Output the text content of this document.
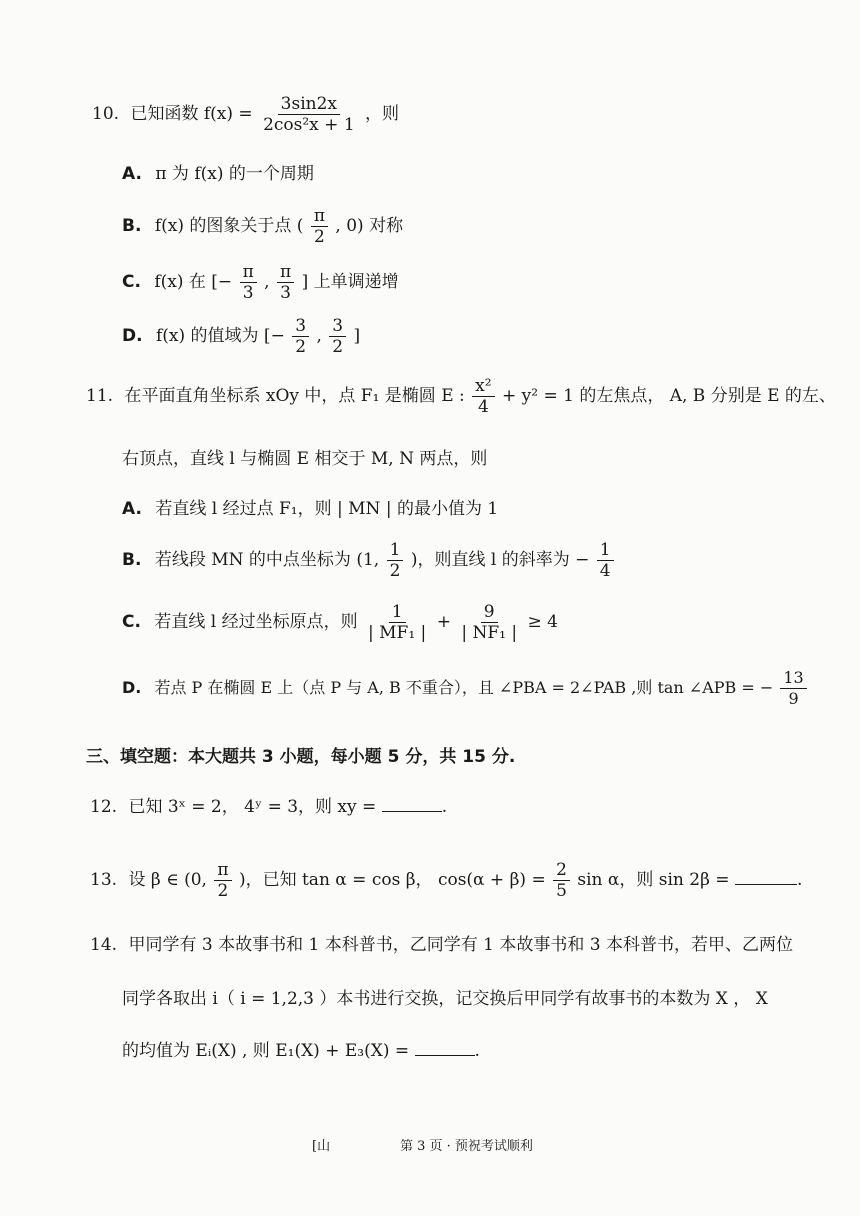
10. 已知函数 $f(x) = \frac{3\sin 2x}{\text{2cos²x + 1}}$ ，则
A. π 为 f(x) 的一个周期
B. f(x) 的图象关于点 ( $\frac{\pi}{2}$ , 0) 对称
C. f(x) 在 [− $\frac{\pi}{3}$ , $\frac{\pi}{3}$ ] 上单调递增
D. f(x) 的值域为 [− $\frac{3}{2}$ , $\frac{3}{2}$ ]
11. 在平面直角坐标系 xOy 中，点 F₁ 是椭圆 E : $\frac{\text{x²}}{4} + y^2 = 1$ 的左焦点， A, B 分别是 E 的左、
右顶点，直线 l 与椭圆 E 相交于 M, N 两点，则
A. 若直线 l 经过点 F₁，则 | MN | 的最小值为 1
B. 若线段 MN 的中点坐标为 (1, $\frac{1}{2}$ )，则直线 l 的斜率为 − $\frac{1}{4}$
C. 若直线 l 经过坐标原点，则 $\frac{1}{\text{| MF₁ |}} + \frac{9}{\text{| NF₁ |}} \ge 4$
D. 若点 P 在椭圆 E 上（点 P 与 A, B 不重合），且 ∠PBA = 2∠PAB ,则 tan ∠APB = − $\frac{13}{9}$
三、填空题：本大题共 3 小题，每小题 5 分，共 15 分.
12. 已知 3ˣ = 2， 4ʸ = 3，则 xy =	.
13. 设 β ∈ (0, $\frac{\pi}{2}$ )，已知 tan α = cos β， $\cos(\alpha + \beta) = \frac{2}{5}$ sin α，则 sin 2β =	.
14. 甲同学有 3 本故事书和 1 本科普书，乙同学有 1 本故事书和 3 本科普书，若甲、乙两位
同学各取出 i（ i = 1,2,3 ）本书进行交换，记交换后甲同学有故事书的本数为 X ， X
的均值为 Eᵢ(X) , 则 E₁(X) + E₃(X) =	.
[山	第 3 页 · 预祝考试顺利
